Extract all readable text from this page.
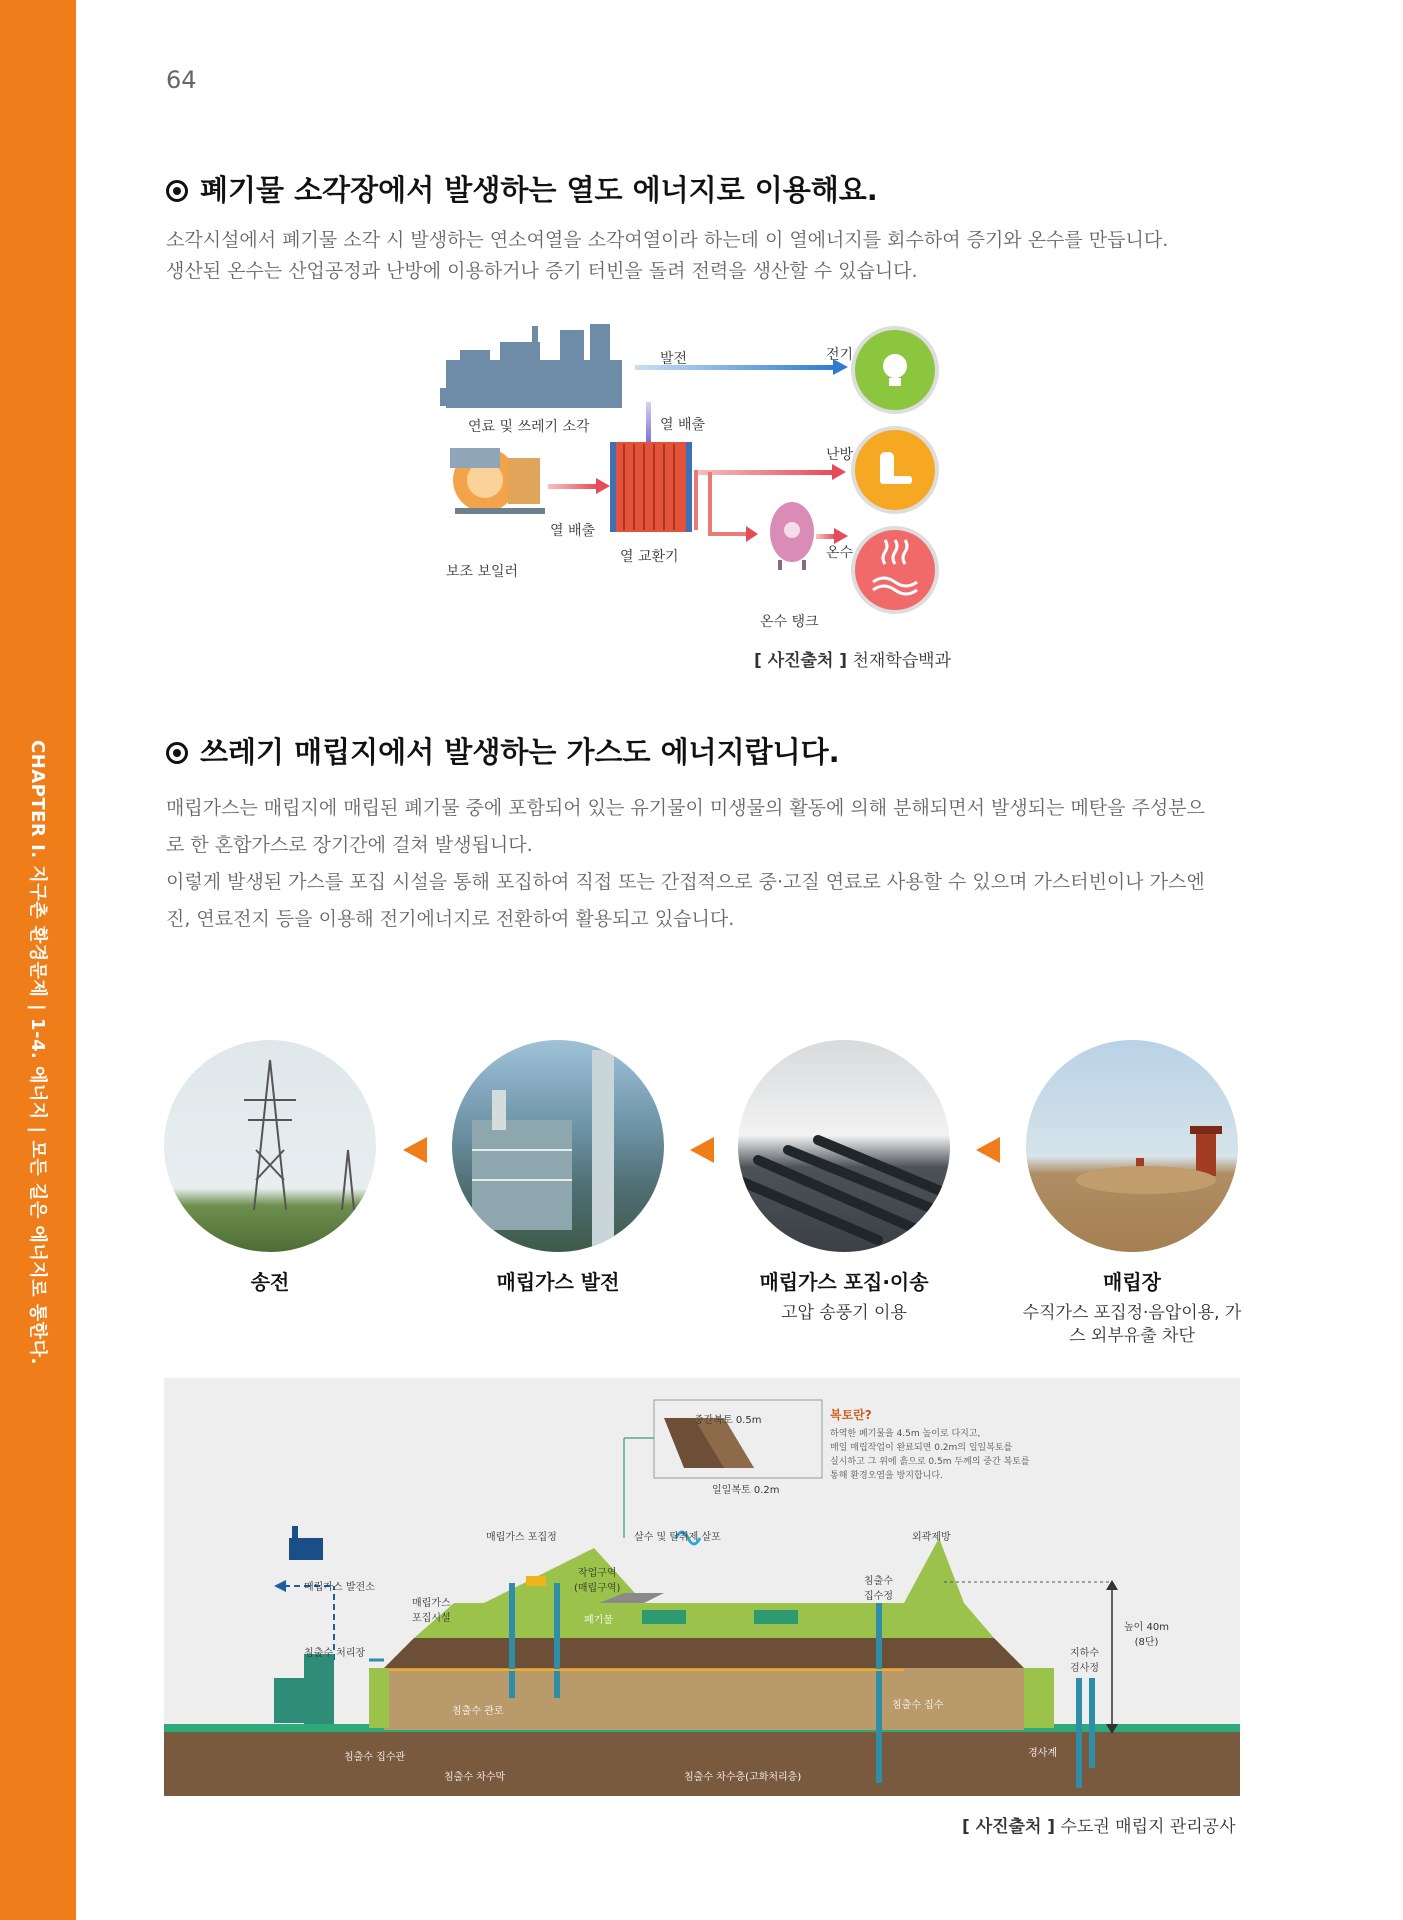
CHAPTER I. 지구촌 환경문제 | 1-4. 에너지 | 모든 길은 에너지로 통한다.
64
폐기물 소각장에서 발생하는 열도 에너지로 이용해요.

소각시설에서 폐기물 소각 시 발생하는 연소여열을 소각여열이라 하는데 이 열에너지를 회수하여 증기와 온수를 만듭니다.

생산된 온수는 산업공정과 난방에 이용하거나 증기 터빈을 돌려 전력을 생산할 수 있습니다.

연료 및 쓰레기 소각
발전	전기
열 배출
난방
보조 보일러
열 배출
열 교환기	온수
온수 탱크
[ 사진출처 ] 천재학습백과
쓰레기 매립지에서 발생하는 가스도 에너지랍니다.

매립가스는 매립지에 매립된 폐기물 중에 포함되어 있는 유기물이 미생물의 활동에 의해 분해되면서 발생되는 메탄을 주성분으

로 한 혼합가스로 장기간에 걸쳐 발생됩니다.

이렇게 발생된 가스를 포집 시설을 통해 포집하여 직접 또는 간접적으로 중·고질 연료로 사용할 수 있으며 가스터빈이나 가스엔

진, 연료전지 등을 이용해 전기에너지로 전환하여 활용되고 있습니다.

송전	매립가스 발전	매립가스 포집·이송
고압 송풍기 이용
매립장
수직가스 포집정·음압이용, 가스 외부유출 차단
중간복토 0.5m
일일복토 0.2m
복토란?
하역한 폐기물을 4.5m 높이로 다지고,
매일 매립작업이 완료되면 0.2m의 일일복토를
실시하고 그 위에 흙으로 0.5m 두께의 중간 복토를
통해 환경오염을 방지합니다.
매립가스 포집정
작업구역
(매립구역)
폐기물
살수 및 탈취제 살포	외곽제방
매립가스 발전소
매립가스
포집시설
침출수 처리장
침출수
집수정
높이 40m
(8단)
지하수
검사정
침출수 관로
침출수 집수
침출수 집수관
침출수 차수막
경사계
침출수 차수층(고화처리층)
[ 사진출처 ] 수도권 매립지 관리공사
